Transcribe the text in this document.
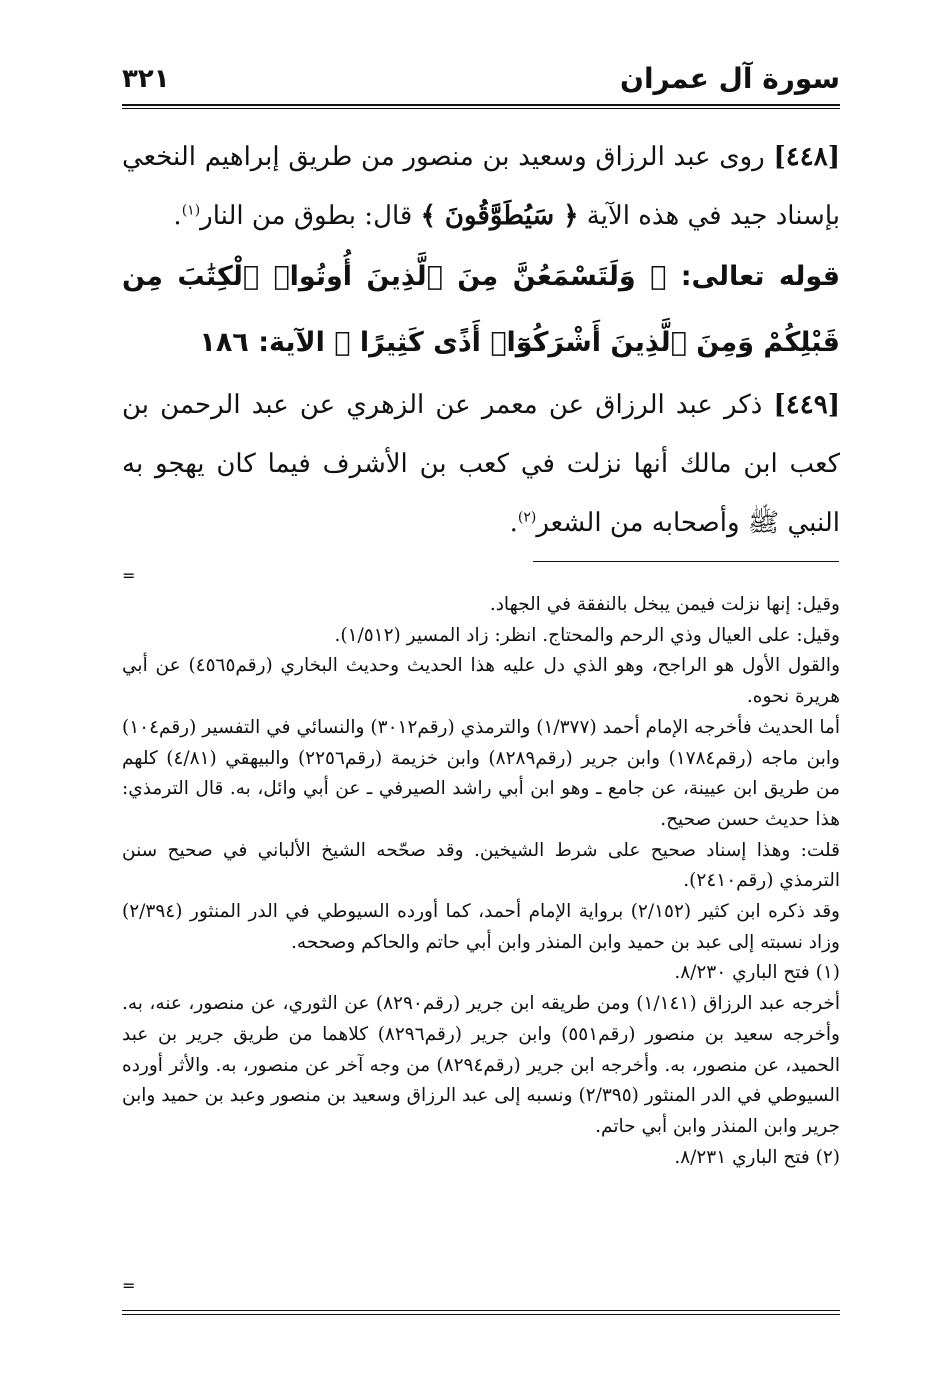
٣٢١	سورة آل عمران

[٤٤٨] روى عبد الرزاق وسعيد بن منصور من طريق إبراهيم النخعي بإسناد جيد في هذه الآية ﴿ سَيُطَوَّقُونَ ﴾ قال: بطوق من النار$^{(١)}$.

قوله تعالى: ﴿ وَلَتَسْمَعُنَّ مِنَ ٱلَّذِينَ أُوتُوا۟ ٱلْكِتَٰبَ مِن قَبْلِكُمْ وَمِنَ ٱلَّذِينَ أَشْرَكُوٓا۟ أَذًى كَثِيرًا ﴾ الآية: ١٨٦

[٤٤٩] ذكر عبد الرزاق عن معمر عن الزهري عن عبد الرحمن بن كعب ابن مالك أنها نزلت في كعب بن الأشرف فيما كان يهجو به النبي ﷺ وأصحابه من الشعر$^{(٢)}$.

=

وقيل: إنها نزلت فيمن يبخل بالنفقة في الجهاد.

وقيل: على العيال وذي الرحم والمحتاج. انظر: زاد المسير (١/٥١٢).

والقول الأول هو الراجح، وهو الذي دل عليه هذا الحديث وحديث البخاري (رقم٤٥٦٥) عن أبي هريرة نحوه.

أما الحديث فأخرجه الإمام أحمد (١/٣٧٧) والترمذي (رقم٣٠١٢) والنسائي في التفسير (رقم١٠٤) وابن ماجه (رقم١٧٨٤) وابن جرير (رقم٨٢٨٩) وابن خزيمة (رقم٢٢٥٦) والبيهقي (٤/٨١) كلهم من طريق ابن عيينة، عن جامع ـ وهو ابن أبي راشد الصيرفي ـ عن أبي وائل، به. قال الترمذي: هذا حديث حسن صحيح.

قلت: وهذا إسناد صحيح على شرط الشيخين. وقد صحّحه الشيخ الألباني في صحيح سنن الترمذي (رقم٢٤١٠).

وقد ذكره ابن كثير (٢/١٥٢) برواية الإمام أحمد، كما أورده السيوطي في الدر المنثور (٢/٣٩٤) وزاد نسبته إلى عبد بن حميد وابن المنذر وابن أبي حاتم والحاكم وصححه.

(١) فتح الباري ٨/٢٣٠.

أخرجه عبد الرزاق (١/١٤١) ومن طريقه ابن جرير (رقم٨٢٩٠) عن الثوري، عن منصور، عنه، به. وأخرجه سعيد بن منصور (رقم٥٥١) وابن جرير (رقم٨٢٩٦) كلاهما من طريق جرير بن عبد الحميد، عن منصور، به. وأخرجه ابن جرير (رقم٨٢٩٤) من وجه آخر عن منصور، به. والأثر أورده السيوطي في الدر المنثور (٢/٣٩٥) ونسبه إلى عبد الرزاق وسعيد بن منصور وعبد بن حميد وابن جرير وابن المنذر وابن أبي حاتم.

(٢) فتح الباري ٨/٢٣١.

=
